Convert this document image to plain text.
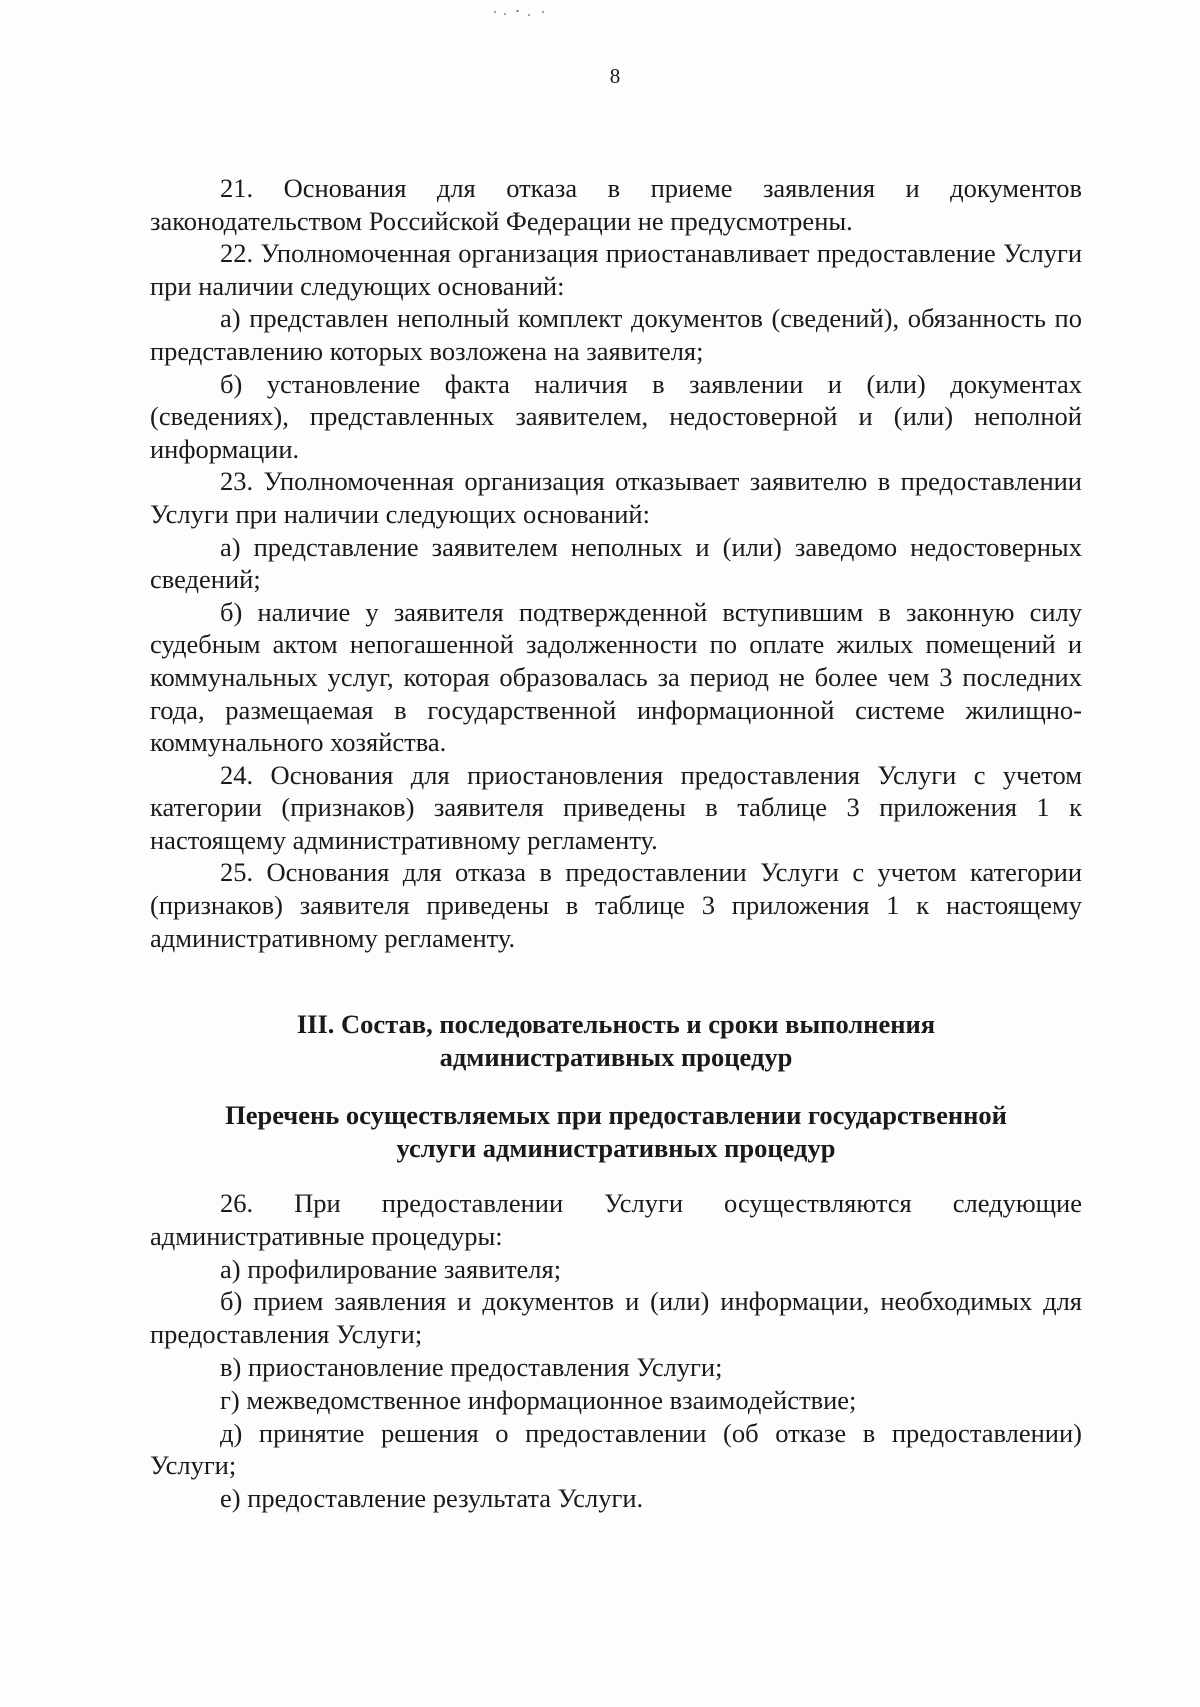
8

21. Основания для отказа в приеме заявления и документов законодательством Российской Федерации не предусмотрены.

22. Уполномоченная организация приостанавливает предоставление Услуги при наличии следующих оснований:

а) представлен неполный комплект документов (сведений), обязанность по представлению которых возложена на заявителя;

б) установление факта наличия в заявлении и (или) документах (сведениях), представленных заявителем, недостоверной и (или) неполной информации.

23. Уполномоченная организация отказывает заявителю в предоставлении Услуги при наличии следующих оснований:

а) представление заявителем неполных и (или) заведомо недостоверных сведений;

б) наличие у заявителя подтвержденной вступившим в законную силу судебным актом непогашенной задолженности по оплате жилых помещений и коммунальных услуг, которая образовалась за период не более чем 3 последних года, размещаемая в государственной информационной системе жилищно-коммунального хозяйства.

24. Основания для приостановления предоставления Услуги с учетом категории (признаков) заявителя приведены в таблице 3 приложения 1 к настоящему административному регламенту.

25. Основания для отказа в предоставлении Услуги с учетом категории (признаков) заявителя приведены в таблице 3 приложения 1 к настоящему административному регламенту.

III. Состав, последовательность и сроки выполнения
административных процедур
Перечень осуществляемых при предоставлении государственной
услуги административных процедур

26. При предоставлении Услуги осуществляются следующие административные процедуры:

а) профилирование заявителя;

б) прием заявления и документов и (или) информации, необходимых для предоставления Услуги;

в) приостановление предоставления Услуги;

г) межведомственное информационное взаимодействие;

д) принятие решения о предоставлении (об отказе в предоставлении) Услуги;

е) предоставление результата Услуги.
